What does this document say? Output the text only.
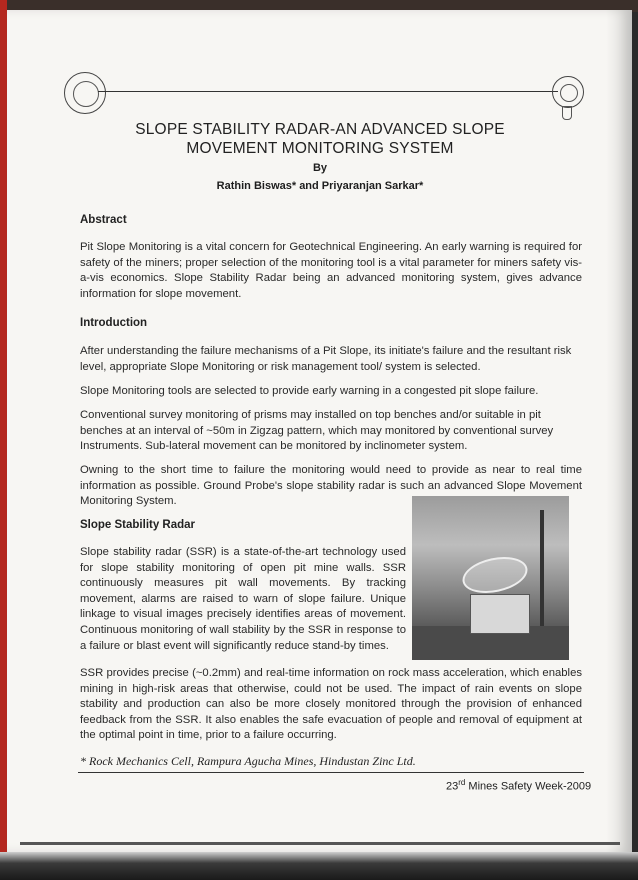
SLOPE STABILITY RADAR-AN ADVANCED SLOPE
MOVEMENT MONITORING SYSTEM
By
Rathin Biswas* and Priyaranjan Sarkar*
Abstract
Pit Slope Monitoring is a vital concern for Geotechnical Engineering. An early warning is required for safety of the miners; proper selection of the monitoring tool is a vital parameter for miners safety vis-a-vis economics. Slope Stability Radar being an advanced monitoring system, gives advance information for slope movement.
Introduction
After understanding the failure mechanisms of a Pit Slope, its initiate's failure and the resultant risk level, appropriate Slope Monitoring or risk management tool/ system is selected.
Slope Monitoring tools are selected to provide early warning in a congested pit slope failure.
Conventional survey monitoring of prisms may installed on top benches and/or suitable in pit benches at an interval of ~50m in Zigzag pattern, which may monitored by conventional survey Instruments. Sub-lateral movement can be monitored by inclinometer system.
Owning to the short time to failure the monitoring would need to provide as near to real time information as possible. Ground Probe's slope stability radar is such an advanced Slope Movement Monitoring System.
Slope Stability Radar
Slope stability radar (SSR) is a state-of-the-art technology used for slope stability monitoring of open pit mine walls. SSR continuously measures pit wall movements. By tracking movement, alarms are raised to warn of slope failure. Unique linkage to visual images precisely identifies areas of movement. Continuous monitoring of wall stability by the SSR in response to a failure or blast event will significantly reduce stand-by times.
SSR provides precise (~0.2mm) and real-time information on rock mass acceleration, which enables mining in high-risk areas that otherwise, could not be used. The impact of rain events on slope stability and production can also be more closely monitored through the provision of enhanced feedback from the SSR. It also enables the safe evacuation of people and removal of equipment at the optimal point in time, prior to a failure occurring.
* Rock Mechanics Cell, Rampura Agucha Mines, Hindustan Zinc Ltd.
23rd Mines Safety Week-2009
